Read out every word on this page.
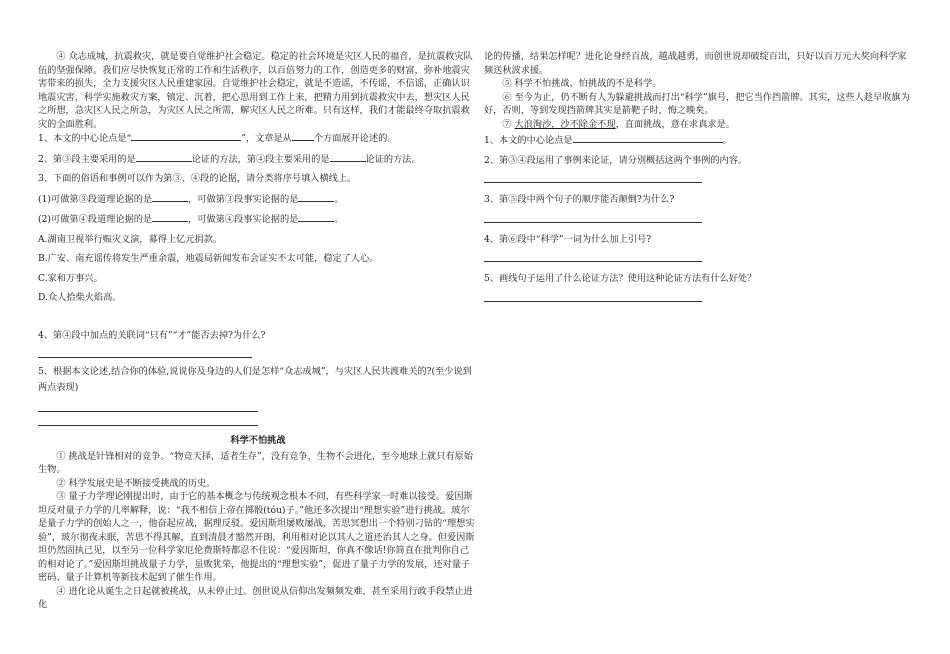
④ 众志成城，抗震救灾，就是要自觉维护社会稳定。稳定的社会环境是灾区人民的福音，是抗震救灾队伍的坚强保障。我们应尽快恢复正常的工作和生活秩序，以百倍努力的工作，创造更多的财富，弥补地震灾害带来的损失，全力支援灾区人民重建家园。自觉维护社会稳定，就是不造谣，不传谣，不信谣，正确认识地震灾害，科学实施救灾方案，镇定、沉着，把心思用到工作上来，把精力用到抗震救灾中去，想灾区人民之所想，急灾区人民之所急，为灾区人民之所需，解灾区人民之所难。只有这样，我们才能最终夺取抗震救灾的全面胜利。

1、本文的中心论点是“	”，文章是从 个方面展开论述的。

2、第③段主要采用的是	论证的方法，第④段主要采用的是	论证的方法。

3、下面的俗语和事例可以作为第③、④段的论据，请分类将序号填入横线上。

(1)可做第③段道理论据的是	，可做第③段事实论据的是	。

(2)可做第④段道理论据的是	，可做第④段事实论据的是	。

A.湖南卫视举行赈灾义演，募得上亿元捐款。

B.广安、南充谣传将发生严重余震，地震局新闻发布会证实不太可能，稳定了人心。

C.家和万事兴。

D.众人拾柴火焰高。

4、第④段中加点的关联词“只有”“才”能否去掉?为什么?

5、根据本文论述,结合你的体验,说说你及身边的人们是怎样“众志成城”，与灾区人民共渡难关的?(至少说到两点表现)

科学不怕挑战

① 挑战是针锋相对的竞争。“物竞天择，适者生存”，没有竞争，生物不会进化，至今地球上就只有原始生物。

② 科学发展史是不断接受挑战的历史。

③ 量子力学理论刚提出时，由于它的基本概念与传统观念根本不同，有些科学家一时难以接受。爱因斯坦反对量子力学的几率解释，说：“我不相信上帝在掷骰(tóu)子。”他还多次提出“理想实验”进行挑战。玻尔是量子力学的创始人之一，他奋起应战，据理反驳。爱因斯坦屡败屡战，苦思冥想出一个特别刁钻的“理想实验”，玻尔彻夜未眠，苦思不得其解，直到清晨才豁然开朗，利用相对论以其人之道还治其人之身。但爱因斯坦仍然固执己见，以至另一位科学家厄伦费斯特都忍不住说：“爱因斯坦，你真不像话!你简直在批判你自己的相对论了。”爱因斯坦挑战量子力学，虽败犹荣，他提出的“理想实验”，促进了量子力学的发展，还对量子密码、量子计算机等新技术起到了催生作用。

④ 进化论从诞生之日起就被挑战，从未停止过。创世说从信仰出发频频发难，甚至采用行政手段禁止进化

论的传播，结果怎样呢？进化论身经百战，越战越勇，而创世说却破绽百出，只好以百万元大奖向科学家频送秋波求援。

⑤ 科学不怕挑战，怕挑战的不是科学。

⑥ 至今为止，仍不断有人为躲避挑战而打出“科学”旗号，把它当作挡箭牌。其实，这些人趁早收旗为好，否则，等到发现挡箭牌其实是箭靶子时，悔之晚矣。

⑦ 大浪淘沙，沙不除金不现，直面挑战，意在求真求是。

1、本文的中心论点是	。

2、第③④段运用了事例来论证，请分别概括这两个事例的内容。

3、第⑤段中两个句子的顺序能否颠倒?为什么?

4、第⑥段中“科学”一词为什么加上引号?

5、画线句子运用了什么论证方法？使用这种论证方法有什么好处？
